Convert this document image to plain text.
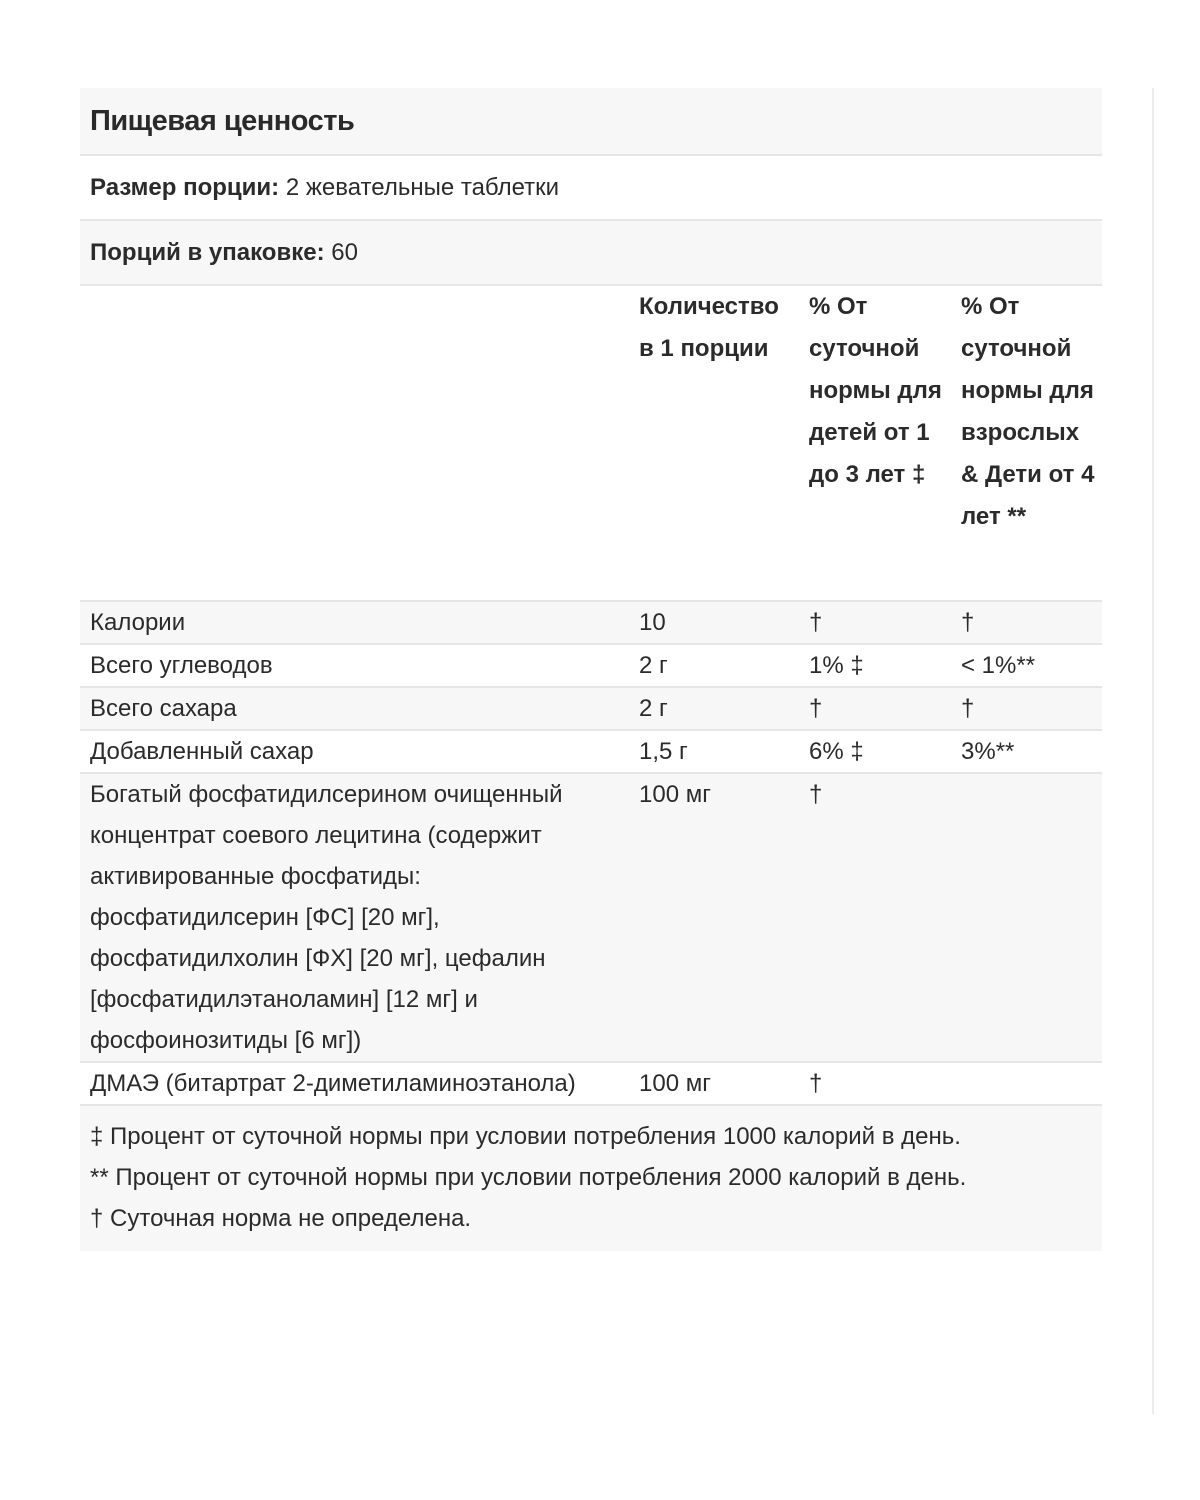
Пищевая ценность
Размер порции: 2 жевательные таблетки
Порций в упаковке: 60

	Количество в 1 порции	% От суточной нормы для детей от 1 до 3 лет ‡	% От суточной нормы для взрослых & Дети от 4 лет **

Калории	10	†	†

Всего углеводов	2 г	1% ‡	< 1%**

Всего сахара	2 г	†	†

Добавленный сахар	1,5 г	6% ‡	3%**

Богатый фосфатидилсерином очищенный концентрат соевого лецитина (содержит активированные фосфатиды: фосфатидилсерин [ФС] [20 мг], фосфатидилхолин [ФХ] [20 мг], цефалин [фосфатидилэтаноламин] [12 мг] и фосфоинозитиды [6 мг])	100 мг	†	

ДМАЭ (битартрат 2-диметиламиноэтанола)	100 мг	†	

‡ Процент от суточной нормы при условии потребления 1000 калорий в день.
** Процент от суточной нормы при условии потребления 2000 калорий в день.
† Суточная норма не определена.
